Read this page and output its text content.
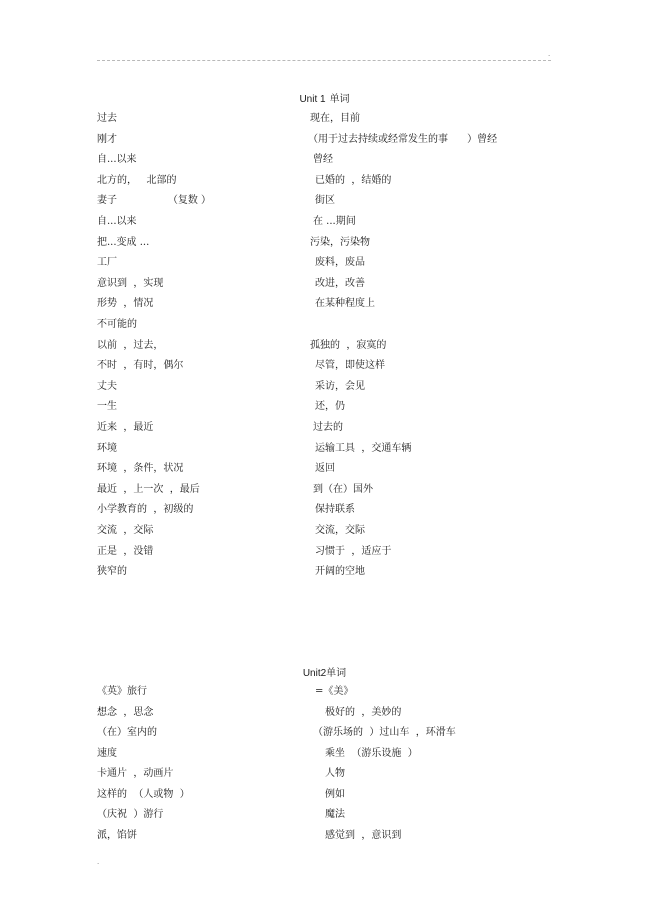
.
Unit 1 单词
过去	现在，目前
刚才	（用于过去持续或经常发生的事      ）曾经
自...以来	曾经
北方的，   北部的	已婚的  ，结婚的
妻子                （复数 ）	街区
自...以来	在 ...期间
把...变成 ...	污染，污染物
工厂	废料，废品
意识到  ，实现	改进，改善
形势  ，情况	在某种程度上
不可能的
以前  ，过去，	孤独的  ，寂寞的
不时  ，有时，偶尔	尽管，即使这样
丈夫	采访，会见
一生	还，仍
近来  ，最近	过去的
环境	运输工具  ，交通车辆
环境  ，条件，状况	返回
最近  ，上一次  ，最后	到（在）国外
小学教育的  ，初级的	保持联系
交流  ，交际	交流，交际
正是  ，没错	习惯于  ，适应于
狭窄的	开阔的空地
Unit2单词
《英》旅行	=《美》
想念  ，思念	极好的  ，美妙的
（在）室内的	（游乐场的  ）过山车  ，环滑车
速度	乘坐  （游乐设施  ）
卡通片  ，动画片	人物
这样的  （人或物  ）	例如
（庆祝  ）游行	魔法
派，馅饼	感觉到  ，意识到
.
